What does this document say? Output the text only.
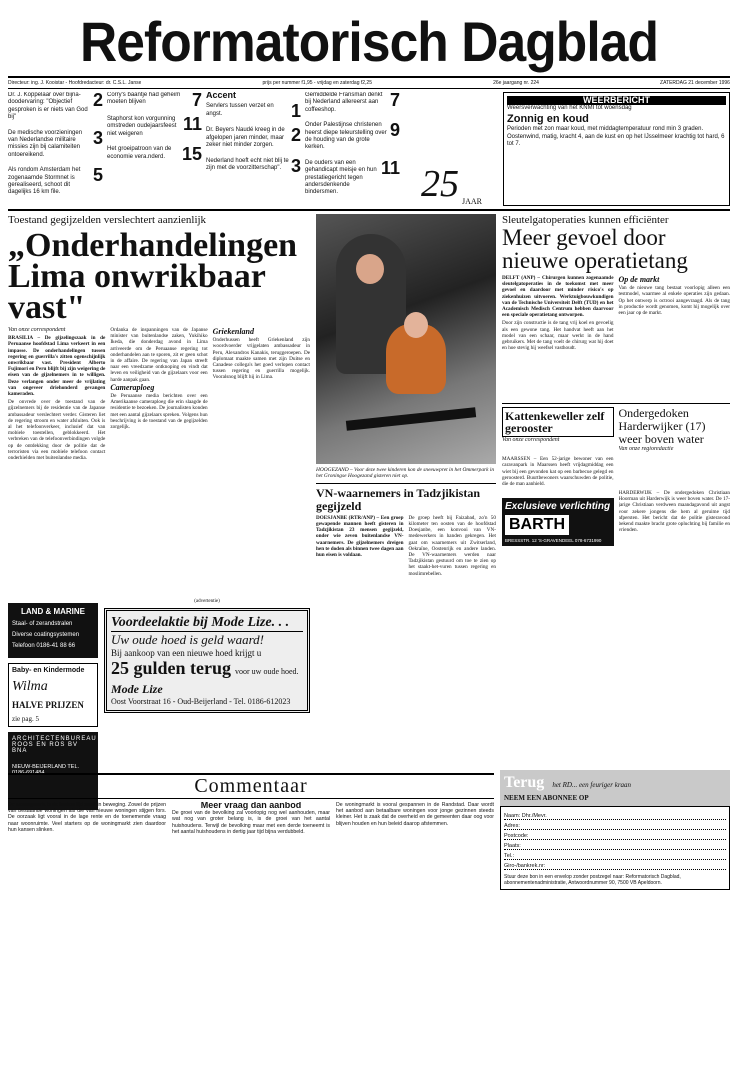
Reformatorisch Dagblad
Directeur: ing. J. Kooistar - Hoofdredacteur: dr. C.S.L. Janse	prijs per nummer f1,95 - vrijdag en zaterdag f2,25	26e jaargang nr. 224	ZATERDAG 21 december 1996
Dr. J. Koppelaar over bijna-doodervaring: "Objectief gesproken is er niets van God bij"
2
De medische voorzieningen van Nederlandse militaire missies zijn bij calamiteiten ontoereikend.
3
Als rondom Amsterdam het zogenaamde Stormnet is gerealiseerd, schoot dit dagelijks 16 km file.
5
Corry's baantje had geheim moeten blijven	7
Staphorst kon vorgunning omstreden oudejaarsfeest niet weigeren	11
Het groeipatroon van de economie vera.nderd. 15
Accent
Servlers tussen verzet en angst.	1
Dr. Beyers Naudé kreeg in de afgelopen jaren minder, maar zeker niet minder zorgen. 2
Nederland hoeft echt niet blij te zijn met de voorzitterschap". 3
Gemiddelde Fransman denkt bij Nederland allereerst aan coffeeshop.	7
Onder Palestijnse christenen heerst diepe teleurstelling over de houding van de grote kerken.
9
De ouders van een gehandicapt meisje en hun prestatiegericht tegen andersdenkende bindersmen.
11 25 JAAR
WEERBERICHT
Weersverwachting van het KNMI tot woensdag
Zonnig en koud
Perioden met zon maar koud, met middagtemperatuur rond min 3 graden. Oostenwind, matig, kracht 4, aan de kust en op het IJsselmeer krachtig tot hard, 6 tot 7.
Toestand gegijzelden verslechtert aanzienlijk
„Onderhandelingen Lima onwrikbaar vast"
Van onze correspondent

BRASILIA – De gijzelingszaak in de Peruaanse hoofdstad Lima verkeert in een impasse. De onderhandelingen tussen regering en guerrilla's zitten ogenschijnlijk onwrikbaar vast. President Alberto Fujimori en Peru blijft bij zijn weigering de eisen van de gijzelnemers in te willigen. Deze verlangen onder meer de vrijlating van ongeveer driehonderd gevangen kameraden.

De onvrede over de toestand van de gijzelnemers bij de residentie van de Japanse ambassadeur verslechtert verder. Gisteren liet de regering stroom en water afsluiten. Ook is al het telefoonverkeer, inclusief dat van mobiele toestellen, geblokkeerd. Het verbreken van de telefoonverbindingen volgde op de ontdekking door de politie dat de terroristen via een mobiele telefoon contact onderhielden met buitenlandse media.

Ordanka de inspanningen van de Japanse minister van buitenlandse zaken, Yukihiko Ikeda, die donderdag avond in Lima arriveerde om de Peruaanse regering tot onderhandelen aan te sporen, zit er geen schot in de affaire. De regering van Japan streeft naar een vreedzame ontknoping en vindt dat leven en veiligheid van de gijzelaars voor een harde aanpak gaan.

Cameraploeg

De Peruaanse media berichten over een Amerikaanse cameraploeg die erin slaagde de residentie te bezoeken. De journalisten konden met een aantal gijzelaars spreken. Volgens hun beschrijving is de toestand van de gegijzelden zorgelijk.

Griekenland

Onderhussen heeft Griekenland zijn woordvoerder vrijgelaten ambassadeur in Peru, Alexandros Kanakis, teruggeroepen. De diplomaat maakte samen met zijn Duitse en Canadese collega's het goed verlopen contact tussen regering en guerrilla mogelijk. Vooralsnog blijft hij in Lima.

LAND & MARINE
Staal- of zerandstralen
Diverse coatingsystemen
Telefoon 0186-41 88 66
Baby- en Kindermode
Wilma
HALVE PRIJZEN
zie pag. 5
ARCHITECTENBUREAU ROOS EN ROS BV BNA
NIEUW-BEIJERLAND TEL. 0186-691484
(advertentie)
Voordeelaktie bij Mode Lize. . .
Uw oude hoed is geld waard!
Bij aankoop van een nieuwe hoed krijgt u
25 gulden terug voor uw oude hoed.
Mode Lize
Oost Voorstraat 16 - Oud-Beijerland - Tel. 0186-612023
HOOGEZAND – Voor deze twee kinderen kon de sneeuwpret in het Ommerpark in het Groningse Hoogezand gisteren niet op.
VN-waarnemers in Tadzjikistan gegijzeld

DOESJANBE (RTR/ANP) – Een groep gewapende mannen heeft gisteren in Tadzjikistan 23 mensen gegijzeld, onder wie zeven buitenlandse VN-waarnemers. De gijzelnemers dreigen hen te doden als binnen twee dagen aan hun eisen is voldaan.

De groep heeft bij Faizabad, zo'n 50 kilometer ten oosten van de hoofdstad Doesjanbe, een konvooi van VN-medewerkers in handen gekregen. Het gaat om waarnemers uit Zwitserland, Oekraïne, Oostenrijk en andere landen. De VN-waarnemers werden naar Tadzjikistan gestuurd om toe te zien op het staakt-het-vuren tussen regering en moslimrebellen.

Sleutelgatoperaties kunnen efficiënter
Meer gevoel door nieuwe operatietang

DELFT (ANP) – Chirurgen kunnen zogenaamde sleutelgatoperaties in de toekomst met meer gevoel en daardoor met minder risico's op ziekenhuizen uitvoeren. Werktuigbouwkundigen van de Technische Universiteit Delft (TUD) en het Academisch Medisch Centrum hebben daarvoor een speciale operatietang ontworpen.

Door zijn constructie is de tang vrij koel en gevoelig als een gewone tang. Het handvat heeft aan het model van een schaar, maar werkt in de hand gebruikers. Met de tang voelt de chirurg wat hij doet en hoe stevig hij weefsel vasthoudt.

Op de markt

Van de nieuwe tang bestaat voorlopig alleen een testmodel, waarmee al enkele operaties zijn gedaan. Op het ontwerp is octrooi aangevraagd. Als de tang in productie wordt genomen, komt hij mogelijk over een jaar op de markt.

Kattenkeweller zelf gerooster
Van onze correspondent

MAARSSEN – Een 52-jarige bewoner van een caravanpark in Maarssen heeft vrijdagmiddag een wiet bij een gevonden kat op een barbecue gelegd en geroosterd. Buurtbewoners waarschuwden de politie, die de man aanhield.

Exclusieve verlichting
BARTH
BRESSSTR. 12 'S-GRAVENDEEL 078-6731990
Ondergedoken Harderwijker (17) weer boven water
Van onze regioredactie

HARDERWIJK – De ondergedoken Christiaan Hoorman uit Harderwijk is weer boven water. De 17-jarige Christiaan verdween maandagavond uit angst voor zekere jongens die hem al geruime tijd afpersten. Het bericht dat de politie gisteravond bekend maakte bracht grote opluchting bij familie en vrienden.

Commentaar

De woningmarkt is de laatste tijd sterk in beweging. Zowel de prijzen van bestaande woningen als die van nieuwe woningen stijgen fors. De oorzaak ligt vooral in de lage rente en de toenemende vraag naar woonruimte. Veel starters op de woningmarkt zien daardoor hun kansen slinken.

Meer vraag dan aanbod

De groei van de bevolking zal voorlopig nog wel aanhouden, maar wat nog van groter belang is, is de groei van het aantal huishoudens. Terwijl de bevolking maar met een derde toeneemt is het aantal huishoudens in dertig jaar tijd bijna verdubbeld.

De woningmarkt is vooral gespannen in de Randstad. Daar wordt het aanbod aan betaalbare woningen voor jonge gezinnen steeds kleiner. Het is zaak dat de overheid en de gemeenten daar oog voor blijven houden en hun beleid daarop afstemmen.

Terug het RD... een feuriger kraan
NEEM EEN ABONNEE OP
Naam: Dhr./Mevr.
Adres:
Postcode:
Plaats:
Tel.:
Giro-/bankrek.nr:
Stuur deze bon in een envelop zonder postzegel naar: Reformatorisch Dagblad, abonnementenadministratie, Antwoordnummer 90, 7500 VB Apeldoorn.
